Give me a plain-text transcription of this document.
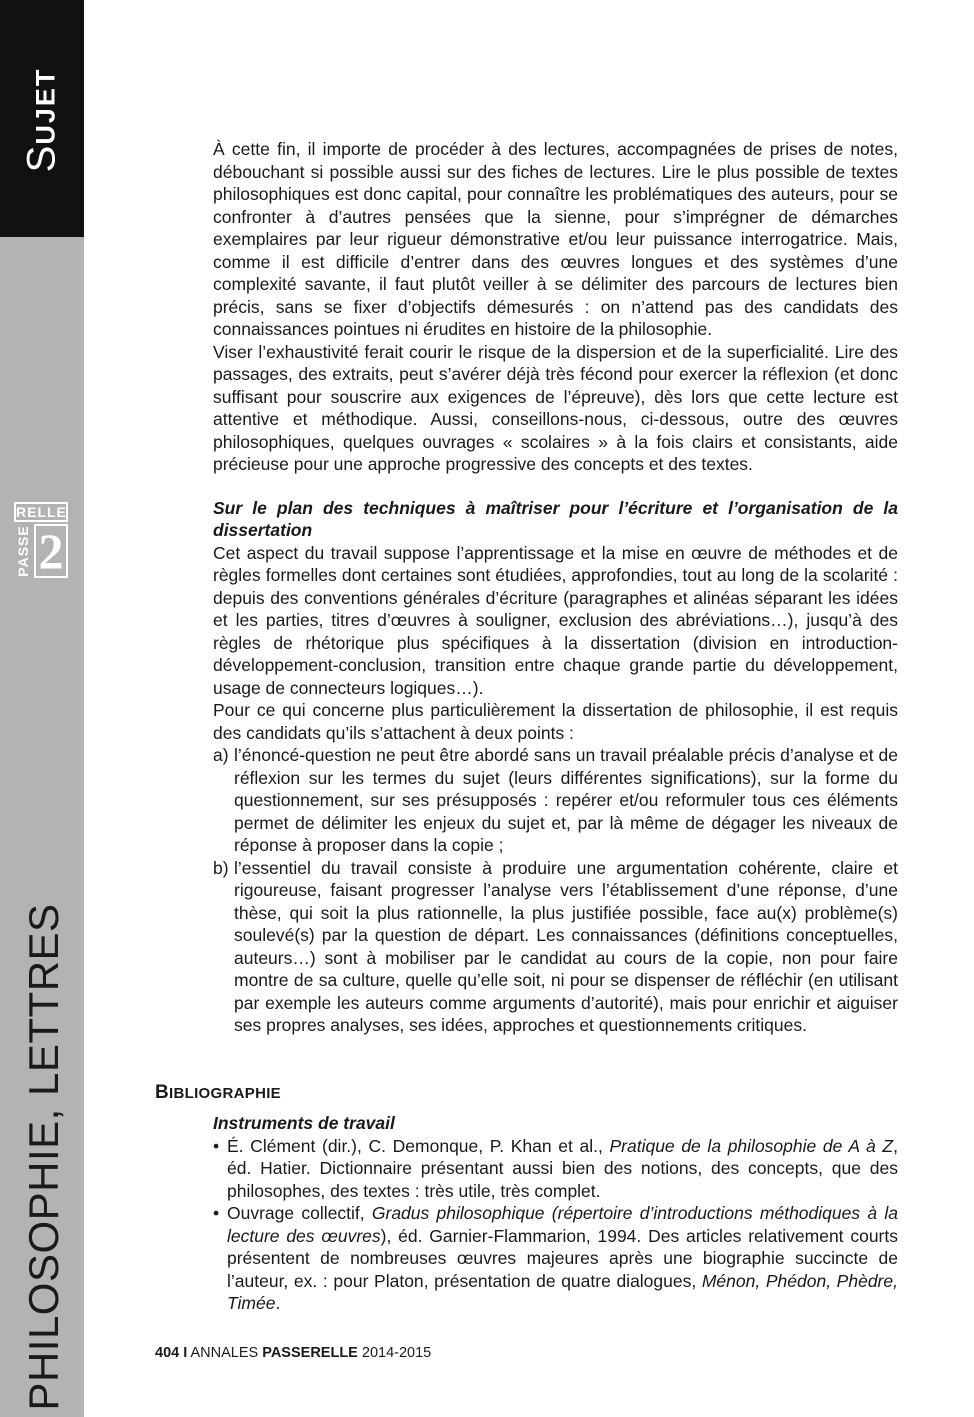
SUJET
RELLE
PASSE 2
PHILOSOPHIE, LETTRES

À cette fin, il importe de procéder à des lectures, accompagnées de prises de notes, débouchant si possible aussi sur des fiches de lectures. Lire le plus possible de textes philosophiques est donc capital, pour connaître les problématiques des auteurs, pour se confronter à d’autres pensées que la sienne, pour s’imprégner de démarches exemplaires par leur rigueur démonstrative et/ou leur puissance interrogatrice. Mais, comme il est difficile d’entrer dans des œuvres longues et des systèmes d’une complexité savante, il faut plutôt veiller à se délimiter des parcours de lectures bien précis, sans se fixer d’objectifs démesurés : on n’attend pas des candidats des connaissances pointues ni érudites en histoire de la philosophie.

Viser l’exhaustivité ferait courir le risque de la dispersion et de la superficialité. Lire des passages, des extraits, peut s’avérer déjà très fécond pour exercer la réflexion (et donc suffisant pour souscrire aux exigences de l’épreuve), dès lors que cette lecture est attentive et méthodique. Aussi, conseillons-nous, ci-dessous, outre des œuvres philosophiques, quelques ouvrages « scolaires » à la fois clairs et consistants, aide précieuse pour une approche progressive des concepts et des textes.

Sur le plan des techniques à maîtriser pour l’écriture et l’organisation de la dissertation

Cet aspect du travail suppose l’apprentissage et la mise en œuvre de méthodes et de règles formelles dont certaines sont étudiées, approfondies, tout au long de la scolarité : depuis des conventions générales d’écriture (paragraphes et alinéas séparant les idées et les parties, titres d’œuvres à souligner, exclusion des abréviations…), jusqu’à des règles de rhétorique plus spécifiques à la dissertation (division en introduction-développement-conclusion, transition entre chaque grande partie du développement, usage de connecteurs logiques…).

Pour ce qui concerne plus particulièrement la dissertation de philosophie, il est requis des candidats qu’ils s’attachent à deux points :

a) l’énoncé-question ne peut être abordé sans un travail préalable précis d’analyse et de réflexion sur les termes du sujet (leurs différentes significations), sur la forme du questionnement, sur ses présupposés : repérer et/ou reformuler tous ces éléments permet de délimiter les enjeux du sujet et, par là même de dégager les niveaux de réponse à proposer dans la copie ;

b) l’essentiel du travail consiste à produire une argumentation cohérente, claire et rigoureuse, faisant progresser l’analyse vers l’établissement d’une réponse, d’une thèse, qui soit la plus rationnelle, la plus justifiée possible, face au(x) problème(s) soulevé(s) par la question de départ. Les connaissances (définitions conceptuelles, auteurs…) sont à mobiliser par le candidat au cours de la copie, non pour faire montre de sa culture, quelle qu’elle soit, ni pour se dispenser de réfléchir (en utilisant par exemple les auteurs comme arguments d’autorité), mais pour enrichir et aiguiser ses propres analyses, ses idées, approches et questionnements critiques.

BIBLIOGRAPHIE

Instruments de travail

• É. Clément (dir.), C. Demonque, P. Khan et al., Pratique de la philosophie de A à Z, éd. Hatier. Dictionnaire présentant aussi bien des notions, des concepts, que des philosophes, des textes : très utile, très complet.

• Ouvrage collectif, Gradus philosophique (répertoire d’introductions méthodiques à la lecture des œuvres), éd. Garnier-Flammarion, 1994. Des articles relativement courts présentent de nombreuses œuvres majeures après une biographie succincte de l’auteur, ex. : pour Platon, présentation de quatre dialogues, Ménon, Phédon, Phèdre, Timée.

404 I ANNALES PASSERELLE 2014-2015
